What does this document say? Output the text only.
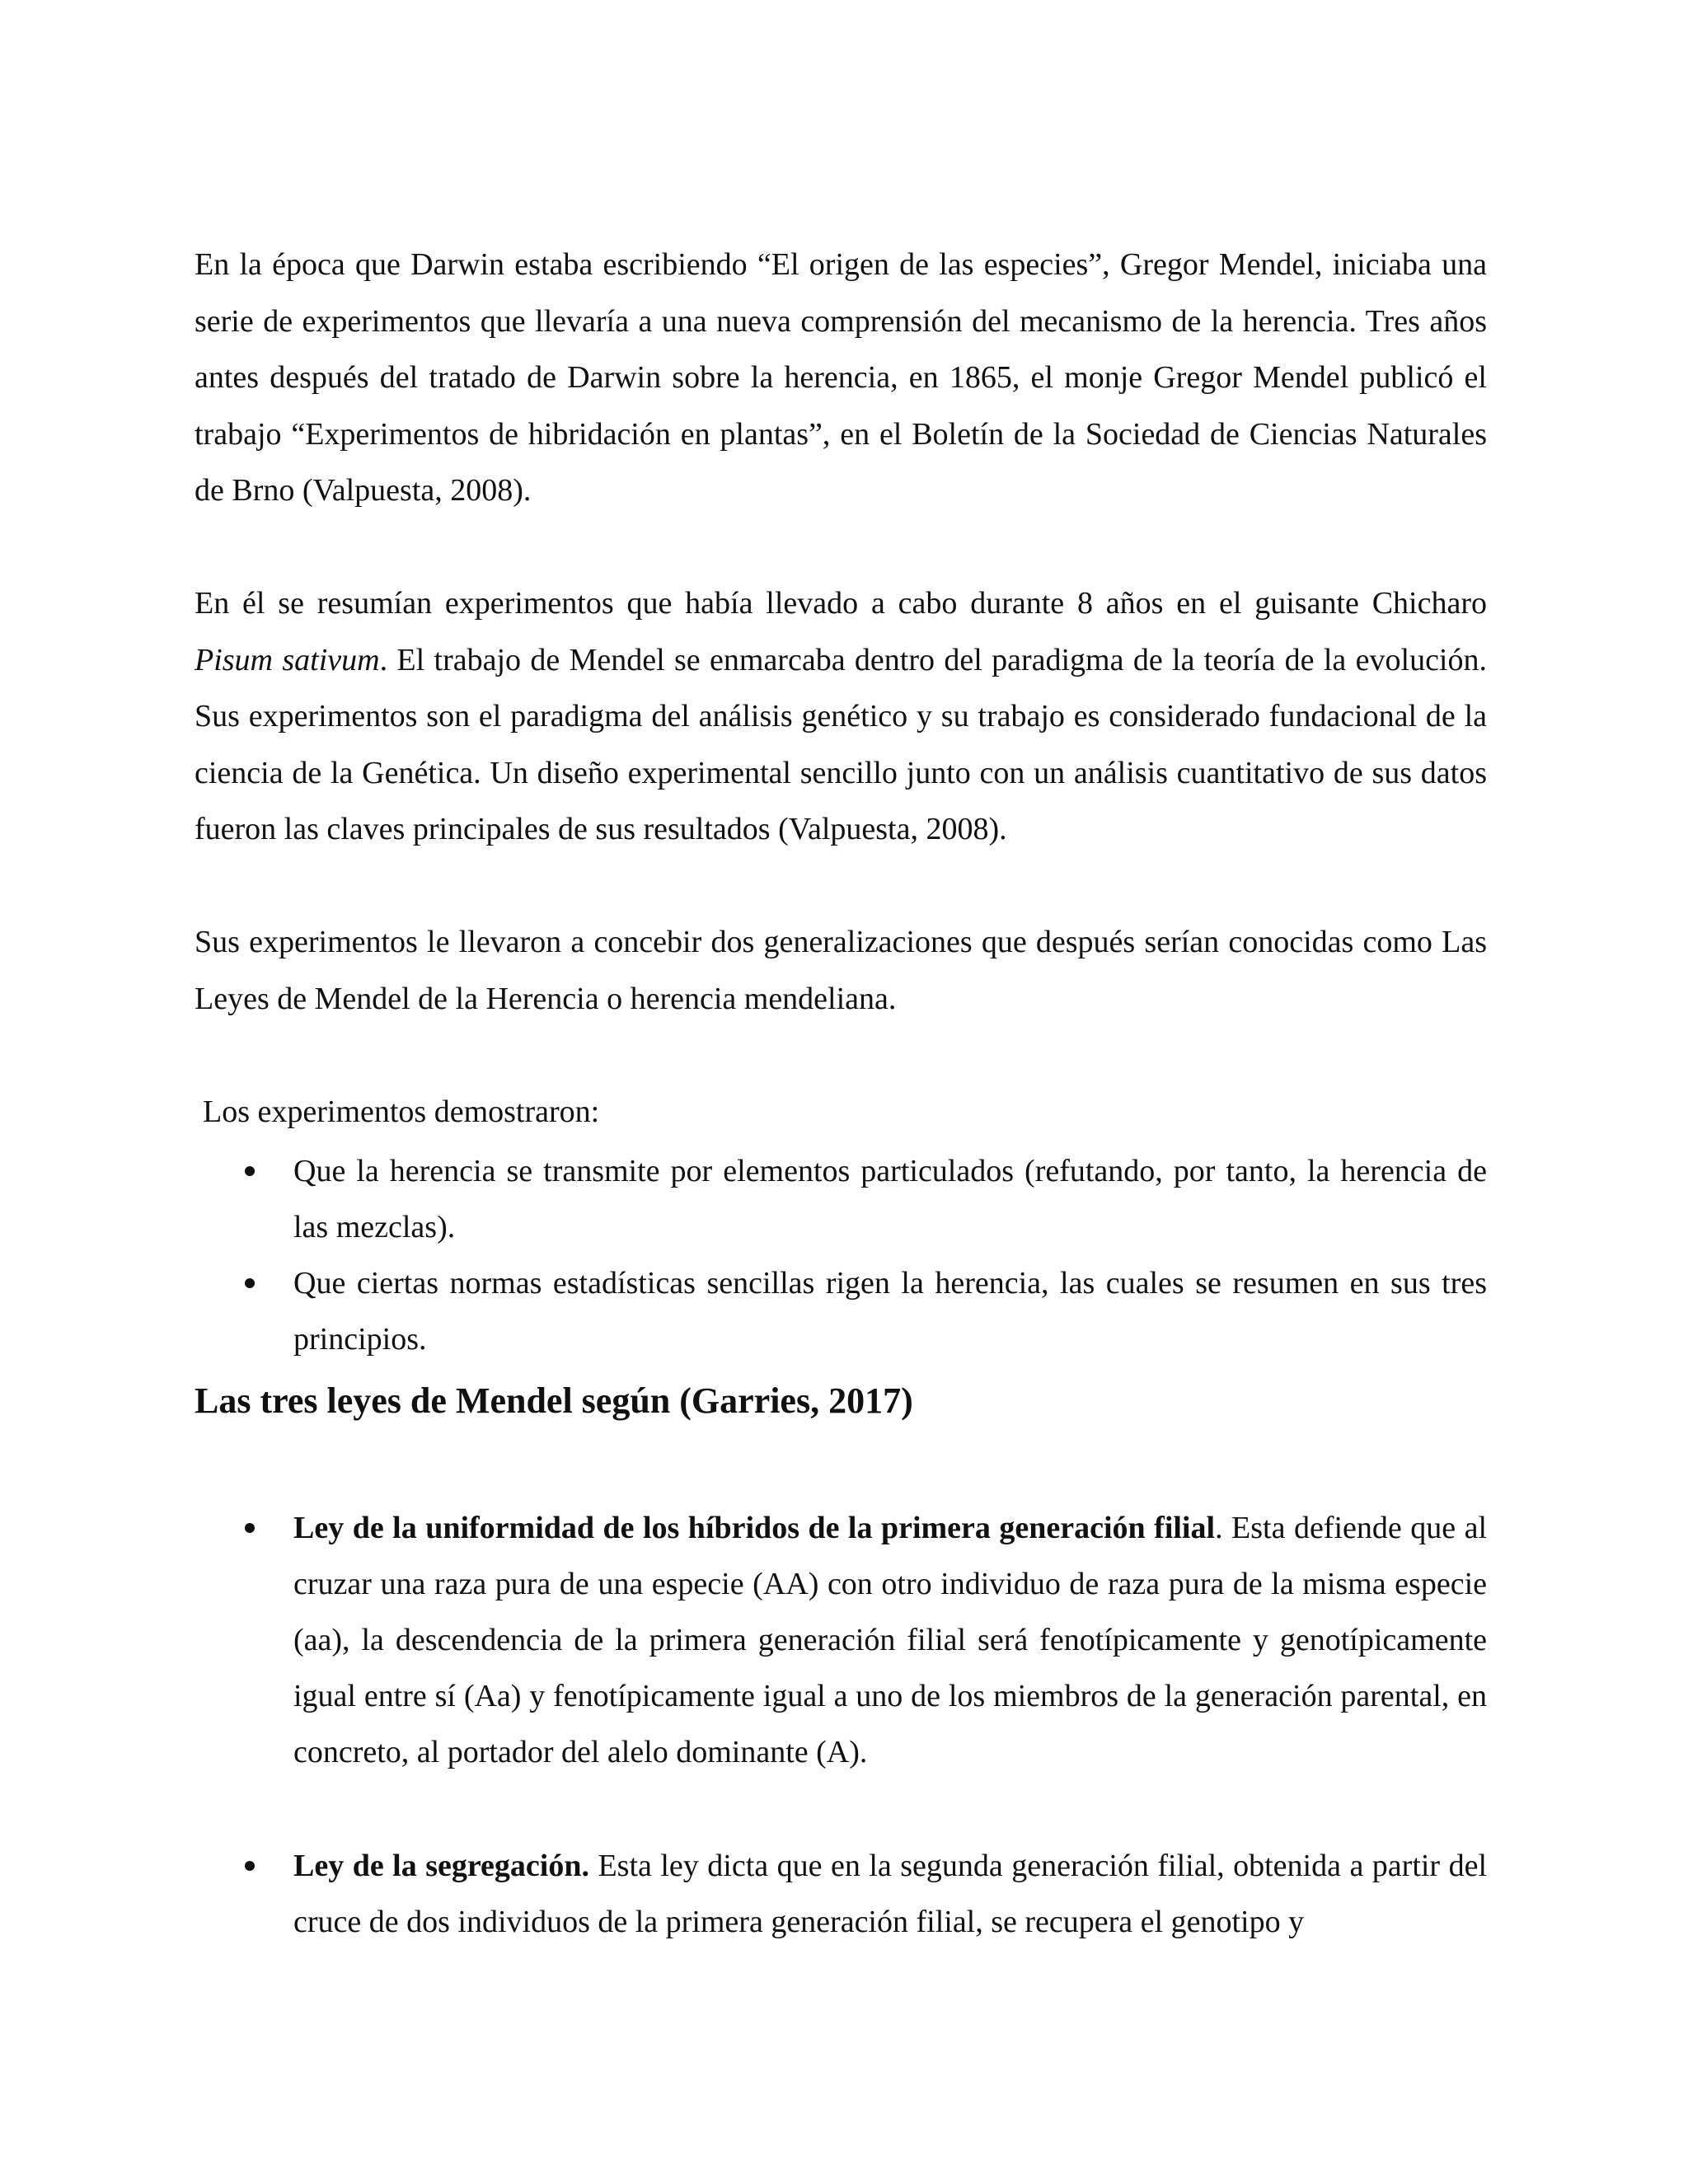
En la época que Darwin estaba escribiendo “El origen de las especies”, Gregor Mendel, iniciaba una serie de experimentos que llevaría a una nueva comprensión del mecanismo de la herencia. Tres años antes después del tratado de Darwin sobre la herencia, en 1865, el monje Gregor Mendel publicó el trabajo “Experimentos de hibridación en plantas”, en el Boletín de la Sociedad de Ciencias Naturales de Brno (Valpuesta, 2008).

En él se resumían experimentos que había llevado a cabo durante 8 años en el guisante Chicharo Pisum sativum. El trabajo de Mendel se enmarcaba dentro del paradigma de la teoría de la evolución. Sus experimentos son el paradigma del análisis genético y su trabajo es considerado fundacional de la ciencia de la Genética. Un diseño experimental sencillo junto con un análisis cuantitativo de sus datos fueron las claves principales de sus resultados (Valpuesta, 2008).

Sus experimentos le llevaron a concebir dos generalizaciones que después serían conocidas como Las Leyes de Mendel de la Herencia o herencia mendeliana.

Los experimentos demostraron:

Que la herencia se transmite por elementos particulados (refutando, por tanto, la herencia de las mezclas).
Que ciertas normas estadísticas sencillas rigen la herencia, las cuales se resumen en sus tres principios.
Las tres leyes de Mendel según (Garries, 2017)
Ley de la uniformidad de los híbridos de la primera generación filial. Esta defiende que al cruzar una raza pura de una especie (AA) con otro individuo de raza pura de la misma especie (aa), la descendencia de la primera generación filial será fenotípicamente y genotípicamente igual entre sí (Aa) y fenotípicamente igual a uno de los miembros de la generación parental, en concreto, al portador del alelo dominante (A).
Ley de la segregación. Esta ley dicta que en la segunda generación filial, obtenida a partir del cruce de dos individuos de la primera generación filial, se recupera el genotipo y
